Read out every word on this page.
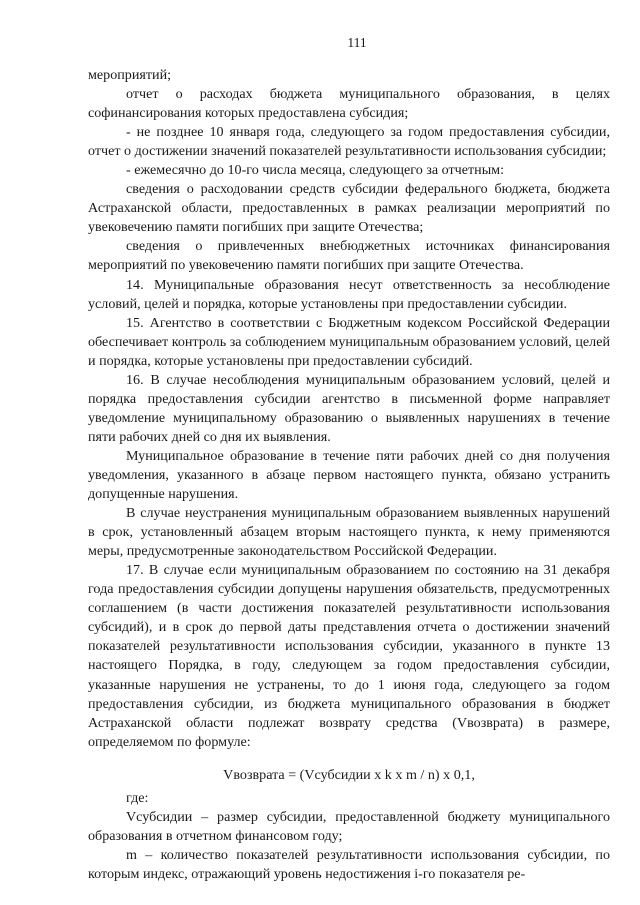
111

мероприятий;

отчет о расходах бюджета муниципального образования, в целях софинансирования которых предоставлена субсидия;

- не позднее 10 января года, следующего за годом предоставления субсидии, отчет о достижении значений показателей результативности использования субсидии;

- ежемесячно до 10-го числа месяца, следующего за отчетным:

сведения о расходовании средств субсидии федерального бюджета, бюджета Астраханской области, предоставленных в рамках реализации мероприятий по увековечению памяти погибших при защите Отечества;

сведения о привлеченных внебюджетных источниках финансирования мероприятий по увековечению памяти погибших при защите Отечества.

14. Муниципальные образования несут ответственность за несоблюдение условий, целей и порядка, которые установлены при предоставлении субсидии.

15. Агентство в соответствии с Бюджетным кодексом Российской Федерации обеспечивает контроль за соблюдением муниципальным образованием условий, целей и порядка, которые установлены при предоставлении субсидий.

16. В случае несоблюдения муниципальным образованием условий, целей и порядка предоставления субсидии агентство в письменной форме направляет уведомление муниципальному образованию о выявленных нарушениях в течение пяти рабочих дней со дня их выявления.

Муниципальное образование в течение пяти рабочих дней со дня получения уведомления, указанного в абзаце первом настоящего пункта, обязано устранить допущенные нарушения.

В случае неустранения муниципальным образованием выявленных нарушений в срок, установленный абзацем вторым настоящего пункта, к нему применяются меры, предусмотренные законодательством Российской Федерации.

17. В случае если муниципальным образованием по состоянию на 31 декабря года предоставления субсидии допущены нарушения обязательств, предусмотренных соглашением (в части достижения показателей результативности использования субсидий), и в срок до первой даты представления отчета о достижении значений показателей результативности использования субсидии, указанного в пункте 13 настоящего Порядка, в году, следующем за годом предоставления субсидии, указанные нарушения не устранены, то до 1 июня года, следующего за годом предоставления субсидии, из бюджета муниципального образования в бюджет Астраханской области подлежат возврату средства (Vвозврата) в размере, определяемом по формуле:

Vвозврата = (Vсубсидии x k x m / n) x 0,1,

где:

Vсубсидии – размер субсидии, предоставленной бюджету муниципального образования в отчетном финансовом году;

m – количество показателей результативности использования субсидии, по которым индекс, отражающий уровень недостижения i-го показателя ре-
